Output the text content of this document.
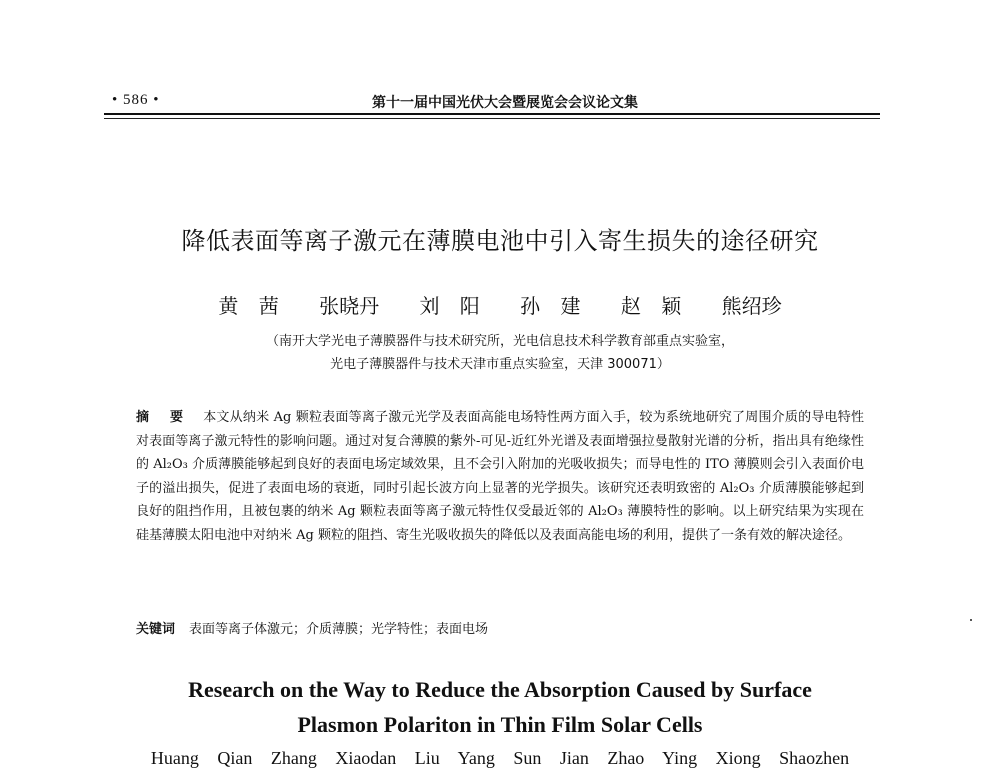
• 586 •	第十一届中国光伏大会暨展览会会议论文集
降低表面等离子激元在薄膜电池中引入寄生损失的途径研究
黄 茜 张晓丹 刘 阳 孙 建 赵 颖 熊绍珍
（南开大学光电子薄膜器件与技术研究所，光电信息技术科学教育部重点实验室，
光电子薄膜器件与技术天津市重点实验室，天津 300071）
摘 要 本文从纳米 Ag 颗粒表面等离子激元光学及表面高能电场特性两方面入手，较为系统地研究了周围介质的导电特性对表面等离子激元特性的影响问题。通过对复合薄膜的紫外-可见-近红外光谱及表面增强拉曼散射光谱的分析，指出具有绝缘性的 Al₂O₃ 介质薄膜能够起到良好的表面电场定域效果，且不会引入附加的光吸收损失；而导电性的 ITO 薄膜则会引入表面价电子的溢出损失，促进了表面电场的衰逝，同时引起长波方向上显著的光学损失。该研究还表明致密的 Al₂O₃ 介质薄膜能够起到良好的阻挡作用，且被包裹的纳米 Ag 颗粒表面等离子激元特性仅受最近邻的 Al₂O₃ 薄膜特性的影响。以上研究结果为实现在硅基薄膜太阳电池中对纳米 Ag 颗粒的阻挡、寄生光吸收损失的降低以及表面高能电场的利用，提供了一条有效的解决途径。
关键词 表面等离子体激元；介质薄膜；光学特性；表面电场
Research on the Way to Reduce the Absorption Caused by Surface
Plasmon Polariton in Thin Film Solar Cells
Huang Qian Zhang Xiaodan Liu Yang Sun Jian Zhao Ying Xiong Shaozhen
